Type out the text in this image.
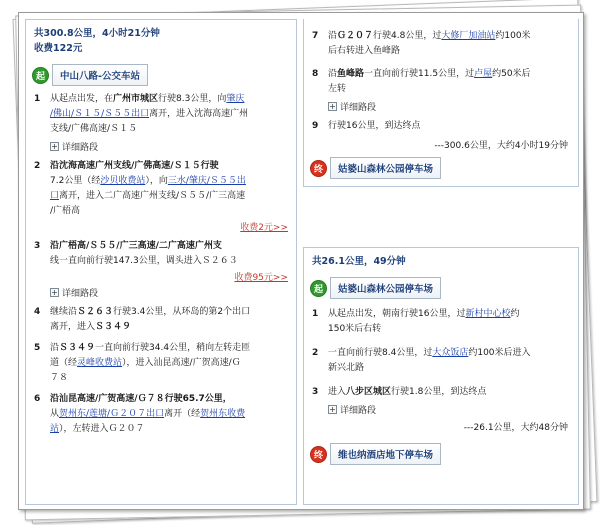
共300.8公里，4小时21分钟
收费122元
起	中山八路-公交车站
1	从起点出发，在广州市城区行驶8.3公里，向肇庆
/佛山/Ｓ１５/Ｓ５５出口离开，进入沈海高速广州
支线/广佛高速/Ｓ１５
+ 详细路段
2	沿沈海高速广州支线/广佛高速/Ｓ１５行驶
7.2公里（经沙贝收费站），向三水/肇庆/Ｓ５５出
口离开，进入二广高速广州支线/Ｓ５５/广三高速
/广梧高
收费2元>>
3	沿广梧高/Ｓ５５/广三高速/二广高速广州支
线一直向前行驶147.3公里，调头进入Ｓ２６３
收费95元>>
+ 详细路段
4	继续沿Ｓ２６３行驶3.4公里，从环岛的第2个出口
离开，进入Ｓ３４９
5	沿Ｓ３４９一直向前行驶34.4公里，稍向左转走匝
道（经灵峰收费站），进入汕昆高速/广贺高速/Ｇ
７８
6	沿汕昆高速/广贺高速/Ｇ７８行驶65.7公里，
从贺州东/莲塘/Ｇ２０７出口离开（经贺州东收费
站），左转进入Ｇ２０７
7	沿Ｇ２０７行驶4.8公里，过大修厂加油站约100米
后右转进入鱼峰路
8	沿鱼峰路一直向前行驶11.5公里，过卢屋约50米后
左转
+ 详细路段
9	行驶16公里，到达终点
---300.6公里，大约4小时19分钟
终	姑婆山森林公园停车场
共26.1公里，49分钟
起	姑婆山森林公园停车场
1	从起点出发，朝南行驶16公里，过新村中心校约
150米后右转
2	一直向前行驶8.4公里，过大众饭店约100米后进入
新兴北路
3	进入八步区城区行驶1.8公里，到达终点
+ 详细路段
---26.1公里，大约48分钟
终	维也纳酒店地下停车场
